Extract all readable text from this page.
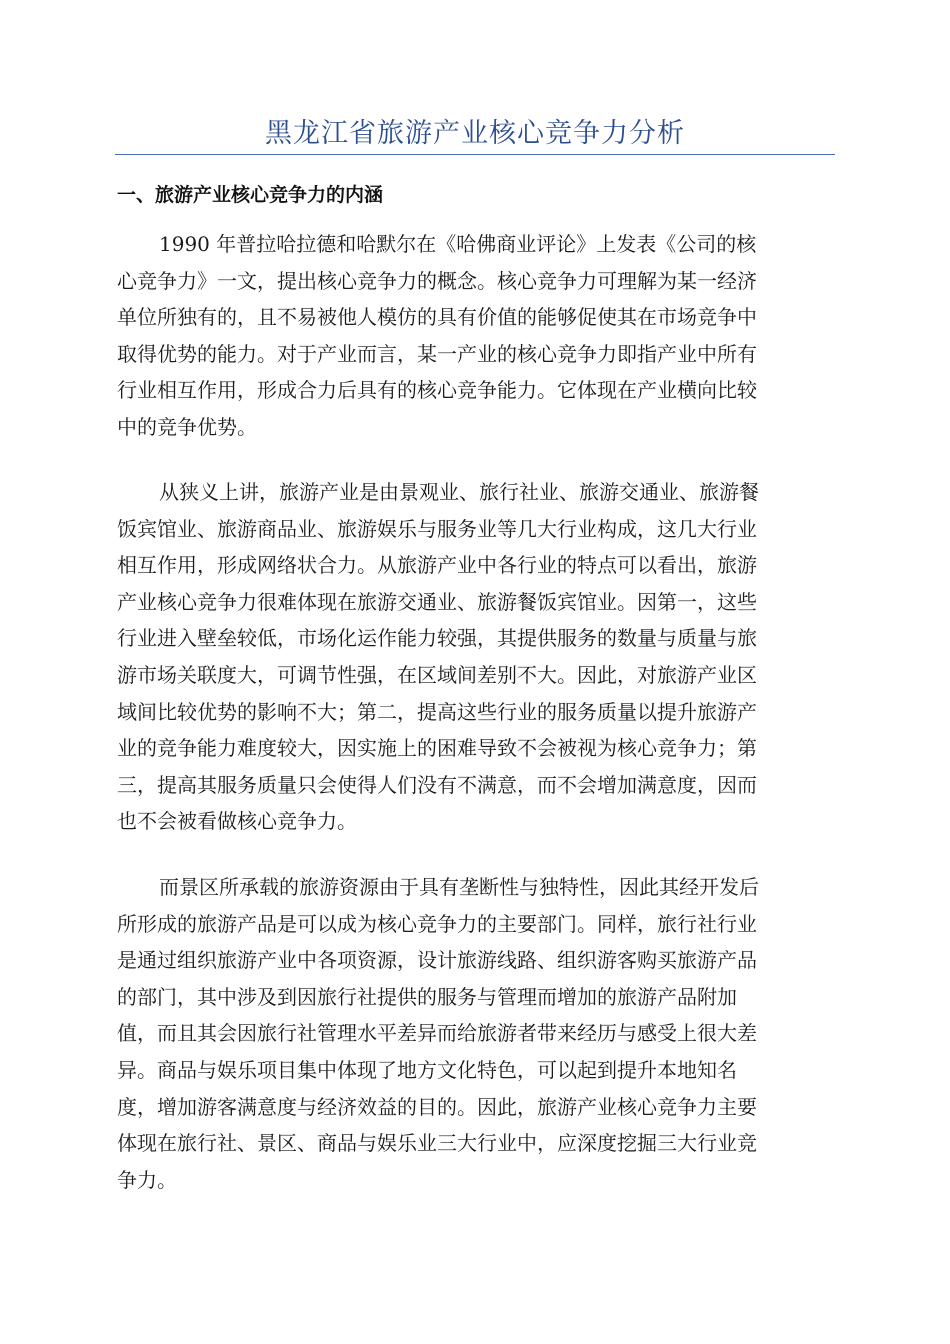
黑龙江省旅游产业核心竞争力分析
一、旅游产业核心竞争力的内涵
1990 年普拉哈拉德和哈默尔在《哈佛商业评论》上发表《公司的核
心竞争力》一文，提出核心竞争力的概念。核心竞争力可理解为某一经济
单位所独有的，且不易被他人模仿的具有价值的能够促使其在市场竞争中
取得优势的能力。对于产业而言，某一产业的核心竞争力即指产业中所有
行业相互作用，形成合力后具有的核心竞争能力。它体现在产业横向比较
中的竞争优势。
从狭义上讲，旅游产业是由景观业、旅行社业、旅游交通业、旅游餐
饭宾馆业、旅游商品业、旅游娱乐与服务业等几大行业构成，这几大行业
相互作用，形成网络状合力。从旅游产业中各行业的特点可以看出，旅游
产业核心竞争力很难体现在旅游交通业、旅游餐饭宾馆业。因第一，这些
行业进入壁垒较低，市场化运作能力较强，其提供服务的数量与质量与旅
游市场关联度大，可调节性强，在区域间差别不大。因此，对旅游产业区
域间比较优势的影响不大；第二，提高这些行业的服务质量以提升旅游产
业的竞争能力难度较大，因实施上的困难导致不会被视为核心竞争力；第
三，提高其服务质量只会使得人们没有不满意，而不会增加满意度，因而
也不会被看做核心竞争力。
而景区所承载的旅游资源由于具有垄断性与独特性，因此其经开发后
所形成的旅游产品是可以成为核心竞争力的主要部门。同样，旅行社行业
是通过组织旅游产业中各项资源，设计旅游线路、组织游客购买旅游产品
的部门，其中涉及到因旅行社提供的服务与管理而增加的旅游产品附加
值，而且其会因旅行社管理水平差异而给旅游者带来经历与感受上很大差
异。商品与娱乐项目集中体现了地方文化特色，可以起到提升本地知名
度，增加游客满意度与经济效益的目的。因此，旅游产业核心竞争力主要
体现在旅行社、景区、商品与娱乐业三大行业中，应深度挖掘三大行业竞
争力。
